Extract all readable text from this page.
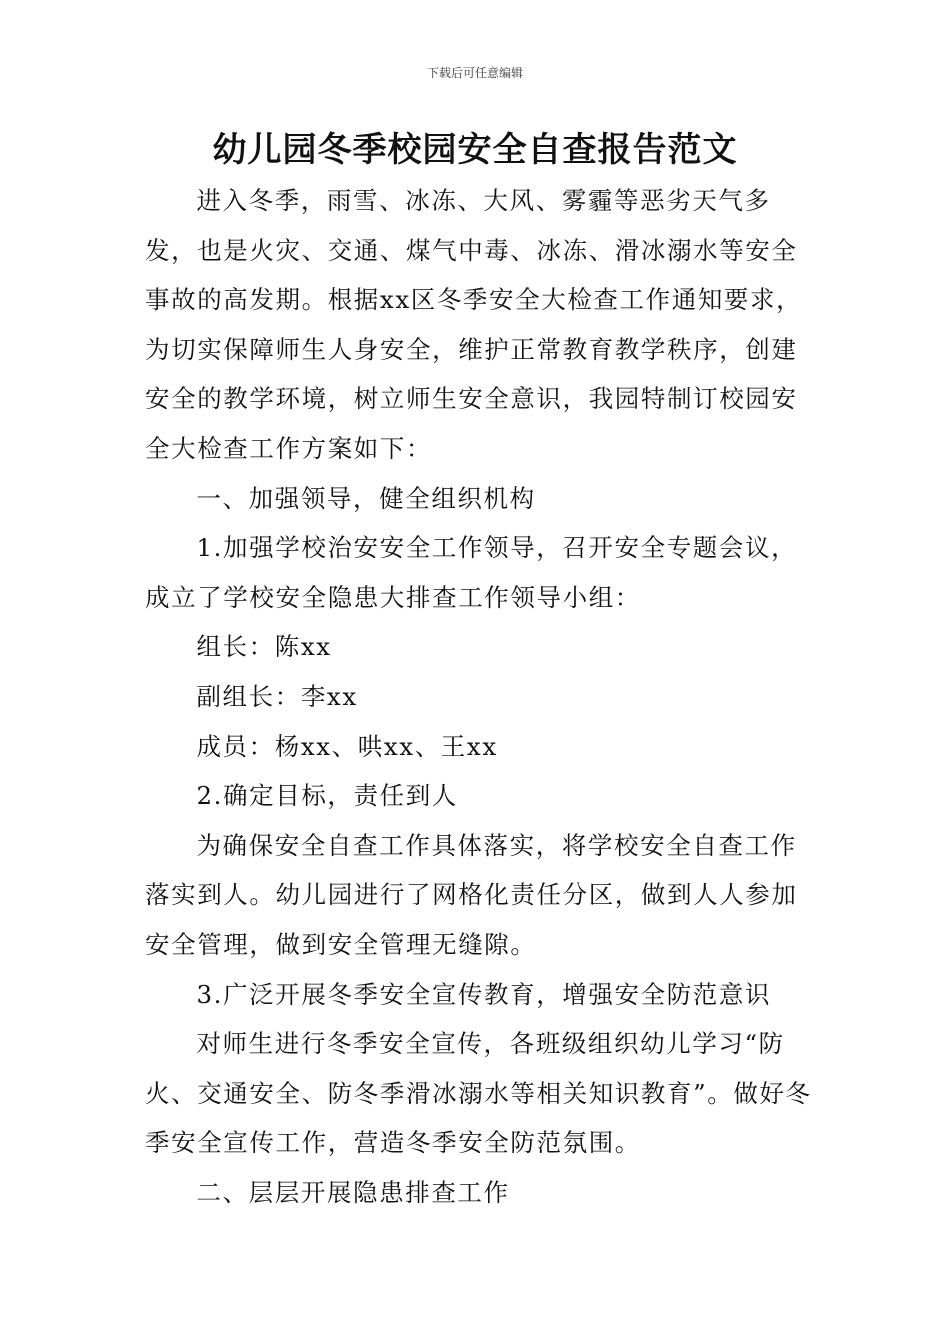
下载后可任意编辑
幼儿园冬季校园安全自查报告范文

进入冬季，雨雪、冰冻、大风、雾霾等恶劣天气多发，也是火灾、交通、煤气中毒、冰冻、滑冰溺水等安全事故的高发期。根据xx区冬季安全大检查工作通知要求，为切实保障师生人身安全，维护正常教育教学秩序，创建安全的教学环境，树立师生安全意识，我园特制订校园安全大检查工作方案如下：

一、加强领导，健全组织机构

1.加强学校治安安全工作领导，召开安全专题会议，成立了学校安全隐患大排查工作领导小组：

组长：陈xx

副组长：李xx

成员：杨xx、哄xx、王xx

2.确定目标，责任到人

为确保安全自查工作具体落实，将学校安全自查工作落实到人。幼儿园进行了网格化责任分区，做到人人参加安全管理，做到安全管理无缝隙。

3.广泛开展冬季安全宣传教育，增强安全防范意识

对师生进行冬季安全宣传，各班级组织幼儿学习“防火、交通安全、防冬季滑冰溺水等相关知识教育”。做好冬季安全宣传工作，营造冬季安全防范氛围。

二、层层开展隐患排查工作
